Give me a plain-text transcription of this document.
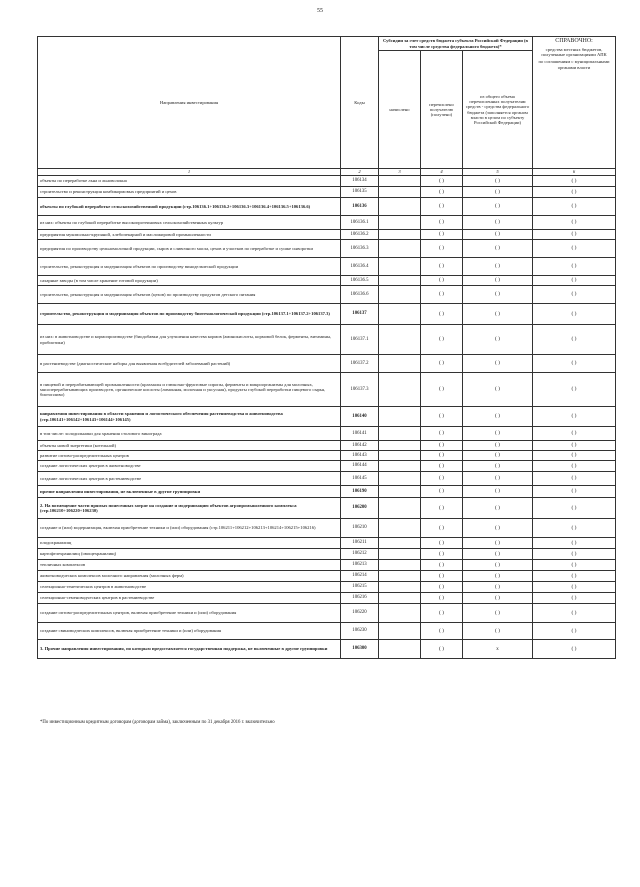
55
Направления инвестирования	Коды	Субсидии за счет средств бюджета субъекта Российской Федерации (в том числе средства федерального бюджета)*			СПРАВОЧНО:
средства местных бюджетов, полученные организациями АПК
по соглашениям с муниципальными органами власти

		начислено	перечислено получателю (получено)	из общего объема перечисленных получателям средств - средства федерального бюджета (заполняется органом власти в целом по субъекту Российской Федерации)	
1	2	3	4	5	6
объекты по переработке льна и льноволокна	106134		( )	( )	( )
строительство и реконструкция комбикормовых предприятий и цехов	106135		( )	( )	( )
объекты по глубокой переработке сельскохозяйственной продукции (стр.106136.1+106136.2+106136.3+106136.4+106136.5+106136.6)	106136		( )	( )	( )
из них: объекты по глубокой переработке высокопротеиновых сельскохозяйственных культур	106136.1		( )	( )	( )
предприятия мукомольно-крупяной, хлебопекарной и масложировой промышленности	106136.2		( )	( )	( )
предприятия по производству цельномолочной продукции, сыров и сливочного масла, цехов и участков по переработке и сушке сыворотки	106136.3		( )	( )	( )
строительство, реконструкция и модернизация объектов по производству винодельческой продукции	106136.4		( )	( )	( )
сахарные заводы (в том числе хранение готовой продукции)	106136.5		( )	( )	( )
строительство, реконструкция и модернизация объектов (цехов) по производству продуктов детского питания	106136.6		( )	( )	( )
строительство, реконструкция и модернизация объектов по производству биотехнологической продукции (стр.106137.1+106137.2+106137.3)	106137		( )	( )	( )
из них: в животноводстве и кормопроизводстве (биодобавки для улучшения качества кормов (аминокислоты, кормовой белок, ферменты, витамины, пробиотики)	106137.1		( )	( )	( )
в растениеводстве (диагностические наборы для выявления возбудителей заболеваний растений)	106137.2		( )	( )	( )
в пищевой и перерабатывающей промышленности (крахмалы и глюкозно-фруктовые сиропы, ферменты и микроорганизмы для молочных, мясоперерабатывающих производств, органические кислоты (лимонная, молочная и уксусная), продукты глубокой переработки пищевого сырья, биотопливо)	106137.3		( )	( )	( )
направления инвестирования в области хранения и логистического обеспечения растениеводства и животноводства (стр.106141+106142+106143+106144+106145)	106140		( )	( )	( )
в том числе: холодильники для хранения столового винограда	106141		( )	( )	( )
объекты новой энергетики (котельной)	106142		( )	( )	( )
развитие оптово-распределительных центров	106143		( )	( )	( )
создание логистических центров в животноводстве	106144		( )	( )	( )
создание логистических центров в растениеводстве	106145		( )	( )	( )
прочие направления инвестирования, не включенные в другие группировки	106190		( )	( )	( )
2. На возмещение части прямых понесенных затрат на создание и модернизацию объектов агропромышленного комплекса (стр.106210+106220+106230)	106200		( )	( )	( )
создание и (или) модернизация, включая приобретение техники и (или) оборудования (стр.106211+106212+106213+106214+106215+106216)	106210		( )	( )	( )
плодохранилищ	106211		( )	( )	( )
картофелехранилищ (овощехранилищ)	106212		( )	( )	( )
тепличных комплексов	106213		( )	( )	( )
животноводческих комплексов молочного направления (молочных ферм)	106214		( )	( )	( )
селекционно-генетических центров в животноводстве	106215		( )	( )	( )
селекционно-семеноводческих центров в растениеводстве	106216		( )	( )	( )
создание оптово-распределительных центров, включая приобретение техники и (или) оборудования	106220		( )	( )	( )
создание свиноводческих комплексов, включая приобретение техники и (или) оборудования	106230		( )	( )	( )
3. Прочие направления инвестирования, по которым предоставляется государственная поддержка, не включенные в другие группировки	106300		( )	x	( )
*По инвестиционным кредитным договорам (договорам займа), заключенным по 31 декабря 2016 г. включительно
